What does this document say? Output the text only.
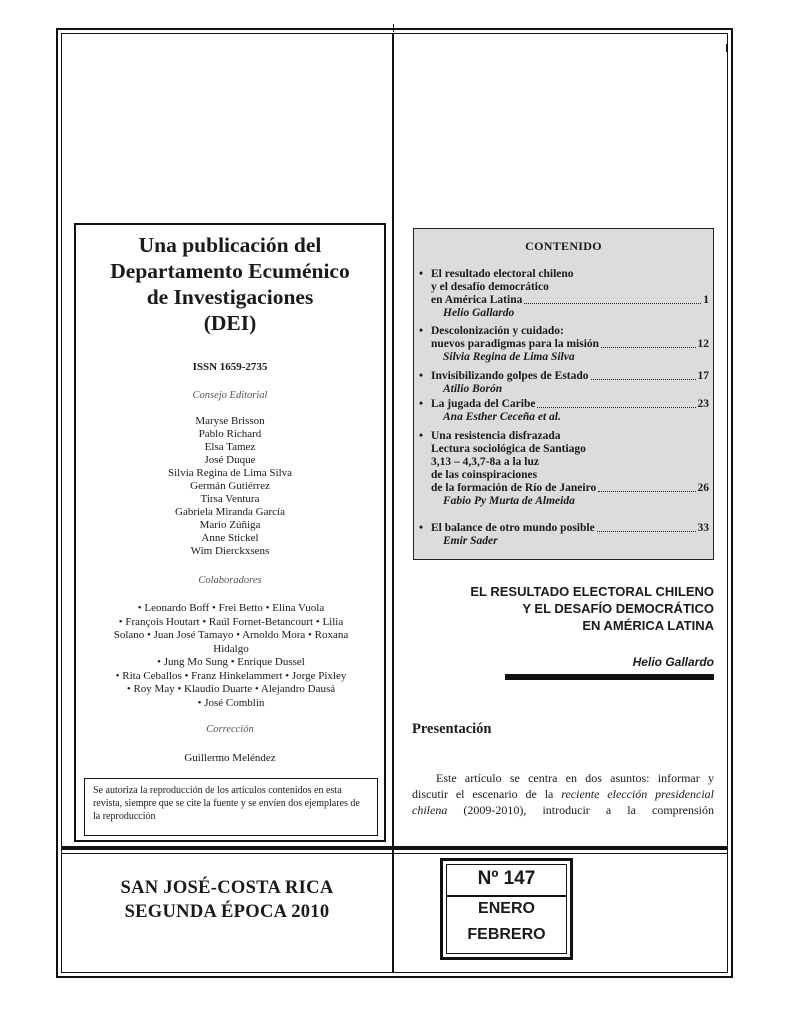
Una publicación del
Departamento Ecuménico
de Investigaciones
(DEI)
ISSN 1659-2735
Consejo Editorial
Maryse Brisson
Pablo Richard
Elsa Tamez
José Duque
Silvia Regina de Lima Silva
Germán Gutiérrez
Tirsa Ventura
Gabriela Miranda García
Mario Zúñiga
Anne Stickel
Wim Dierckxsens
Colaboradores
• Leonardo Boff • Frei Betto • Elina Vuola
• François Houtart • Raúl Fornet-Betancourt • Lilia
Solano • Juan José Tamayo • Arnoldo Mora • Roxana
Hidalgo
• Jung Mo Sung • Enrique Dussel
• Rita Ceballos • Franz Hinkelammert • Jorge Pixley
• Roy May • Klaudio Duarte • Alejandro Dausá
• José Comblin
Corrección
Guillermo Meléndez
Se autoriza la reproducción de los artículos contenidos en esta revista, siempre que se cite la fuente y se envíen dos ejemplares de la reproducción
CONTENIDO
• El resultado electoral chileno
y el desafío democrático
en América Latina	1
Helio Gallardo
• Descolonización y cuidado:
nuevos paradigmas para la misión	12
Silvia Regina de Lima Silva
• Invisibilizando golpes de Estado	17
Atilio Borón
• La jugada del Caribe	23
Ana Esther Ceceña et al.
• Una resistencia disfrazada
Lectura sociológica de Santiago
3,13 – 4,3,7-8a a la luz
de las coinspiraciones
de la formación de Río de Janeiro	26
Fabio Py Murta de Almeida
• El balance de otro mundo posible	33
Emir Sader
EL RESULTADO ELECTORAL CHILENO
Y EL DESAFÍO DEMOCRÁTICO
EN AMÉRICA LATINA
Helio Gallardo
Presentación
Este artículo se centra en dos asuntos: informar y
discutir el escenario de la reciente elección presidencial
chilena (2009-2010), introducir a la comprensión
SAN JOSÉ-COSTA RICA
SEGUNDA ÉPOCA 2010
Nº 147
ENERO
FEBRERO
